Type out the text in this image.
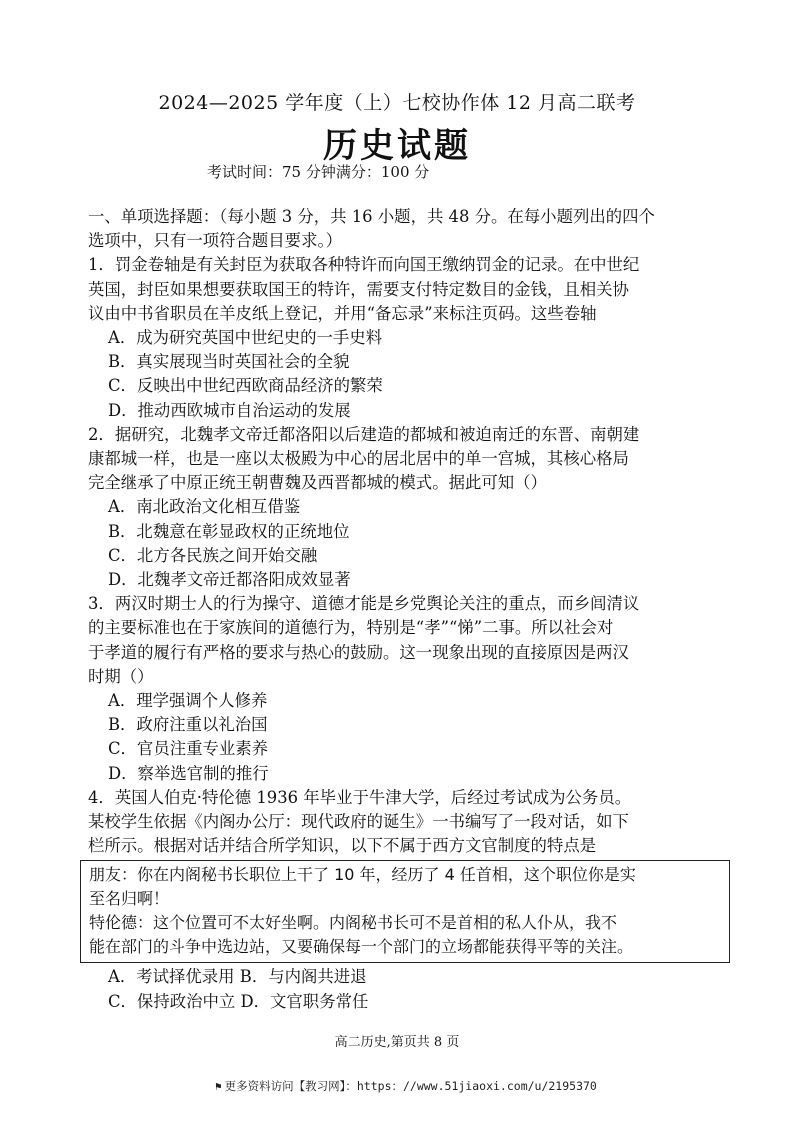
2024—2025 学年度（上）七校协作体 12 月高二联考
历史试题
考试时间：75 分钟满分：100 分

一、单项选择题：（每小题 3 分，共 16 小题，共 48 分。在每小题列出的四个

选项中，只有一项符合题目要求。）

1．罚金卷轴是有关封臣为获取各种特许而向国王缴纳罚金的记录。在中世纪

英国，封臣如果想要获取国王的特许，需要支付特定数目的金钱，且相关协

议由中书省职员在羊皮纸上登记，并用“备忘录”来标注页码。这些卷轴

A．成为研究英国中世纪史的一手史料

B．真实展现当时英国社会的全貌

C．反映出中世纪西欧商品经济的繁荣

D．推动西欧城市自治运动的发展

2．据研究，北魏孝文帝迁都洛阳以后建造的都城和被迫南迁的东晋、南朝建

康都城一样，也是一座以太极殿为中心的居北居中的单一宫城，其核心格局

完全继承了中原正统王朝曹魏及西晋都城的模式。据此可知（）

A．南北政治文化相互借鉴

B．北魏意在彰显政权的正统地位

C．北方各民族之间开始交融

D．北魏孝文帝迁都洛阳成效显著

3．两汉时期士人的行为操守、道德才能是乡党舆论关注的重点，而乡闾清议

的主要标准也在于家族间的道德行为，特别是“孝”“悌”二事。所以社会对

于孝道的履行有严格的要求与热心的鼓励。这一现象出现的直接原因是两汉

时期（）

A．理学强调个人修养

B．政府注重以礼治国

C．官员注重专业素养

D．察举选官制的推行

4．英国人伯克·特伦德 1936 年毕业于牛津大学，后经过考试成为公务员。

某校学生依据《内阁办公厅：现代政府的诞生》一书编写了一段对话，如下

栏所示。根据对话并结合所学知识，以下不属于西方文官制度的特点是

朋友：你在内阁秘书长职位上干了 10 年，经历了 4 任首相，这个职位你是实

至名归啊！

特伦德：这个位置可不太好坐啊。内阁秘书长可不是首相的私人仆从，我不

能在部门的斗争中选边站，又要确保每一个部门的立场都能获得平等的关注。

A．考试择优录用 B．与内阁共进退

C．保持政治中立 D．文官职务常任

高二历史,第页共 8 页
⚑ 更多资料访问【教习网】：https：//www.51jiaoxi.com/u/2195370
